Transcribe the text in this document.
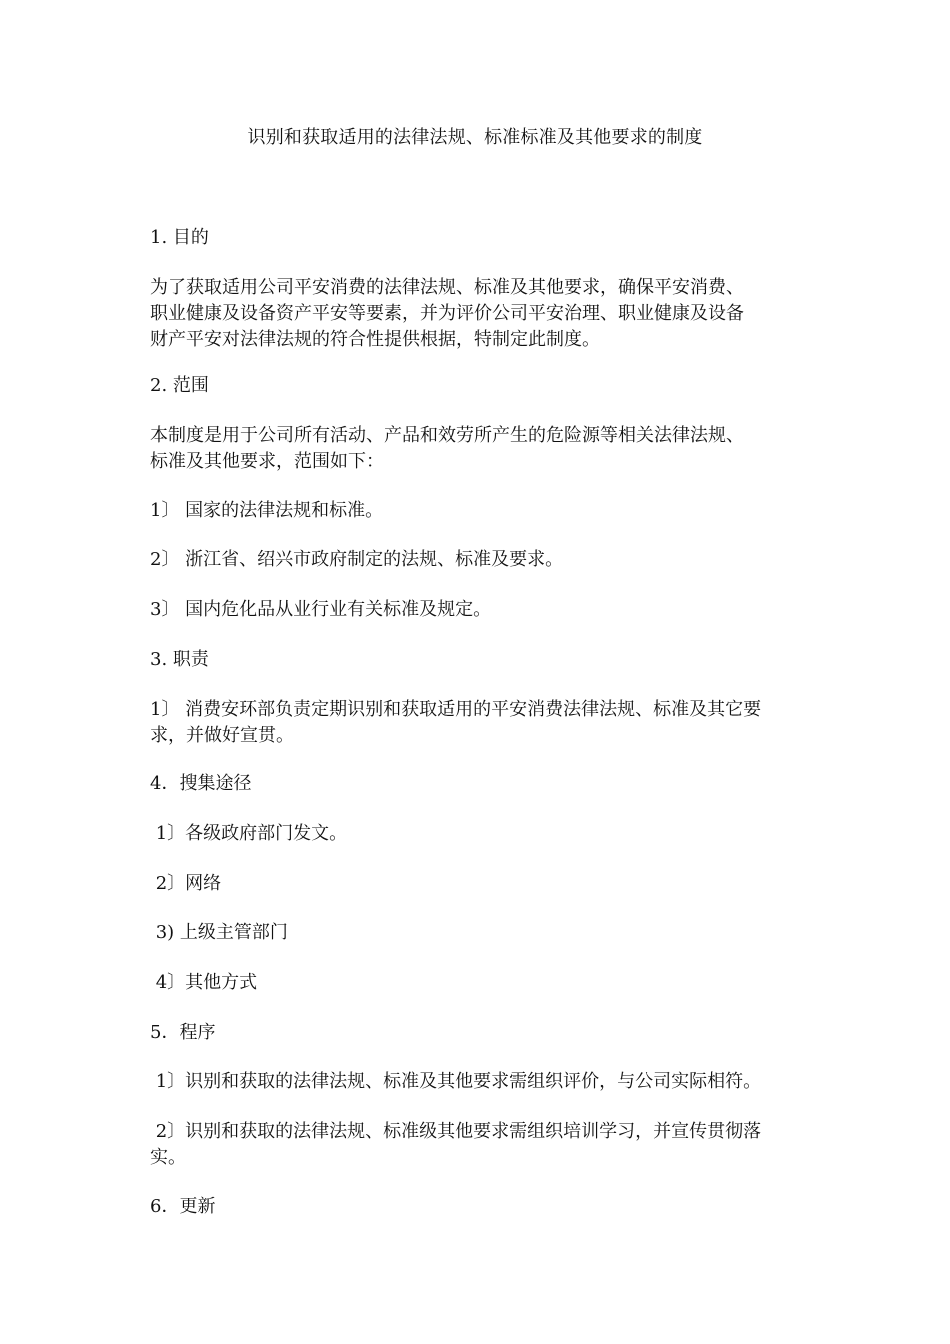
识别和获取适用的法律法规、标准标准及其他要求的制度
1. 目的
为了获取适用公司平安消费的法律法规、标准及其他要求，确保平安消费、
职业健康及设备资产平安等要素，并为评价公司平安治理、职业健康及设备
财产平安对法律法规的符合性提供根据，特制定此制度。
2. 范围
本制度是用于公司所有活动、产品和效劳所产生的危险源等相关法律法规、
标准及其他要求，范围如下：
1〕 国家的法律法规和标准。
2〕 浙江省、绍兴市政府制定的法规、标准及要求。
3〕 国内危化品从业行业有关标准及规定。
3. 职责
1〕 消费安环部负责定期识别和获取适用的平安消费法律法规、标准及其它要
求，并做好宣贯。
4．搜集途径
1〕各级政府部门发文。
2〕网络
3) 上级主管部门
4〕其他方式
5．程序
1〕识别和获取的法律法规、标准及其他要求需组织评价，与公司实际相符。
2〕识别和获取的法律法规、标准级其他要求需组织培训学习，并宣传贯彻落
实。
6．更新
